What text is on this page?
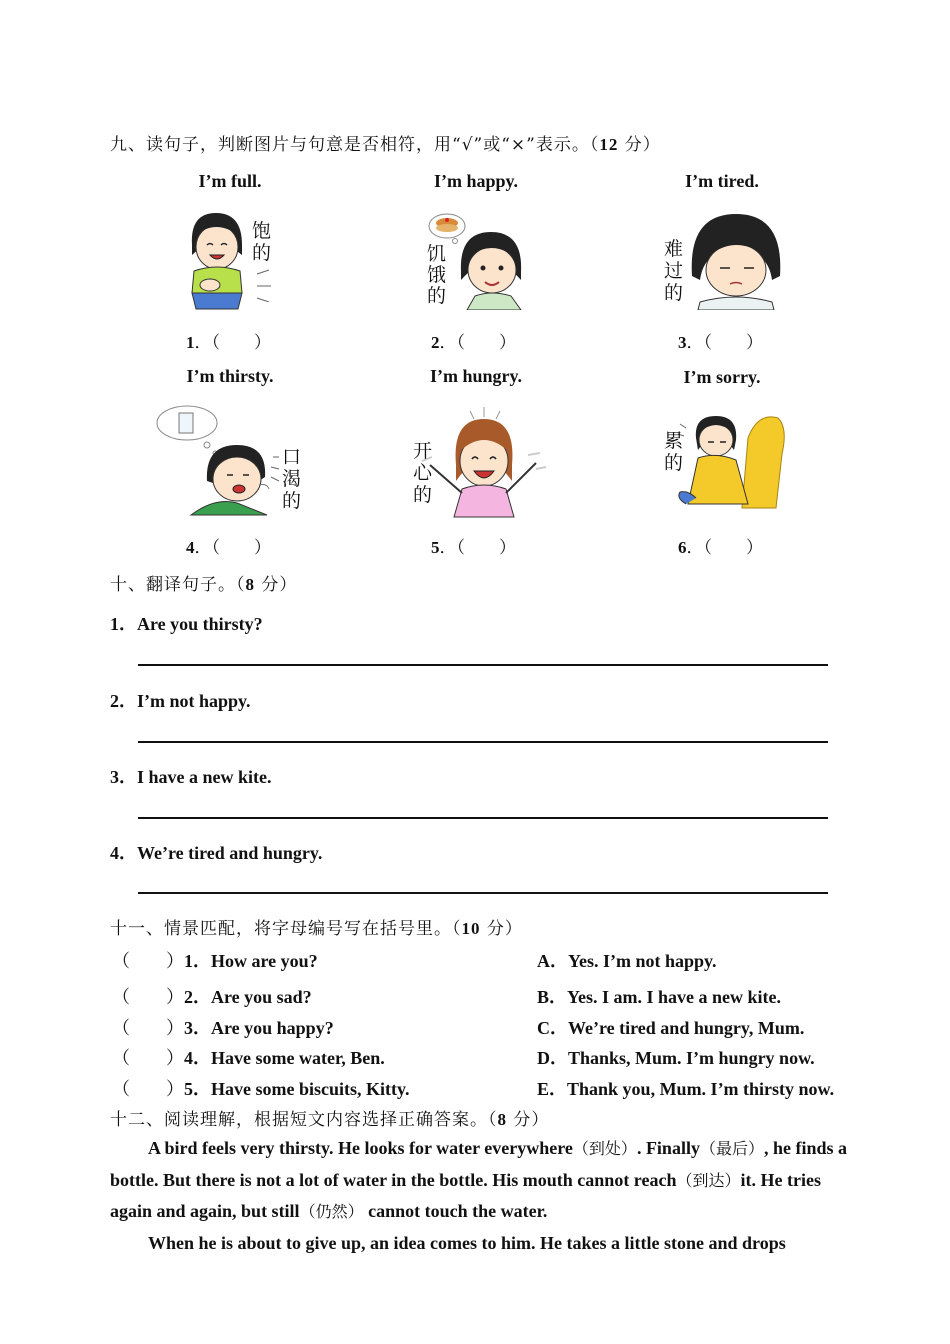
九、读句子，判断图片与句意是否相符，用“√”或“×”表示。（12 分）
I’m full.	I’m happy.	I’m tired.
饱的	饥饿的
难过的
1．（　　）	2．（　　）	3．（　　）
I’m thirsty.	I’m hungry.	I’m sorry.
口渴的
开心的
累的
4．（　　）	5．（　　）	6．（　　）
十、翻译句子。（8 分）
1．Are you thirsty?
2．I’m not happy.
3．I have a new kite.
4．We’re tired and hungry.
十一、情景匹配，将字母编号写在括号里。（10 分）
（　　）1．How are you?
（　　）2．Are you sad?
（　　）3．Are you happy?
（　　）4．Have some water, Ben.
（　　）5．Have some biscuits, Kitty.
A．Yes. I’m not happy.
B．Yes. I am. I have a new kite.
C．We’re tired and hungry, Mum.
D．Thanks, Mum. I’m hungry now.
E．Thank you, Mum. I’m thirsty now.
十二、阅读理解，根据短文内容选择正确答案。（8 分）
A bird feels very thirsty. He looks for water everywhere（到处）. Finally（最后）, he finds a bottle. But there is not a lot of water in the bottle. His mouth cannot reach（到达）it. He tries again and again, but still（仍然） cannot touch the water.
When he is about to give up, an idea comes to him. He takes a little stone and drops
